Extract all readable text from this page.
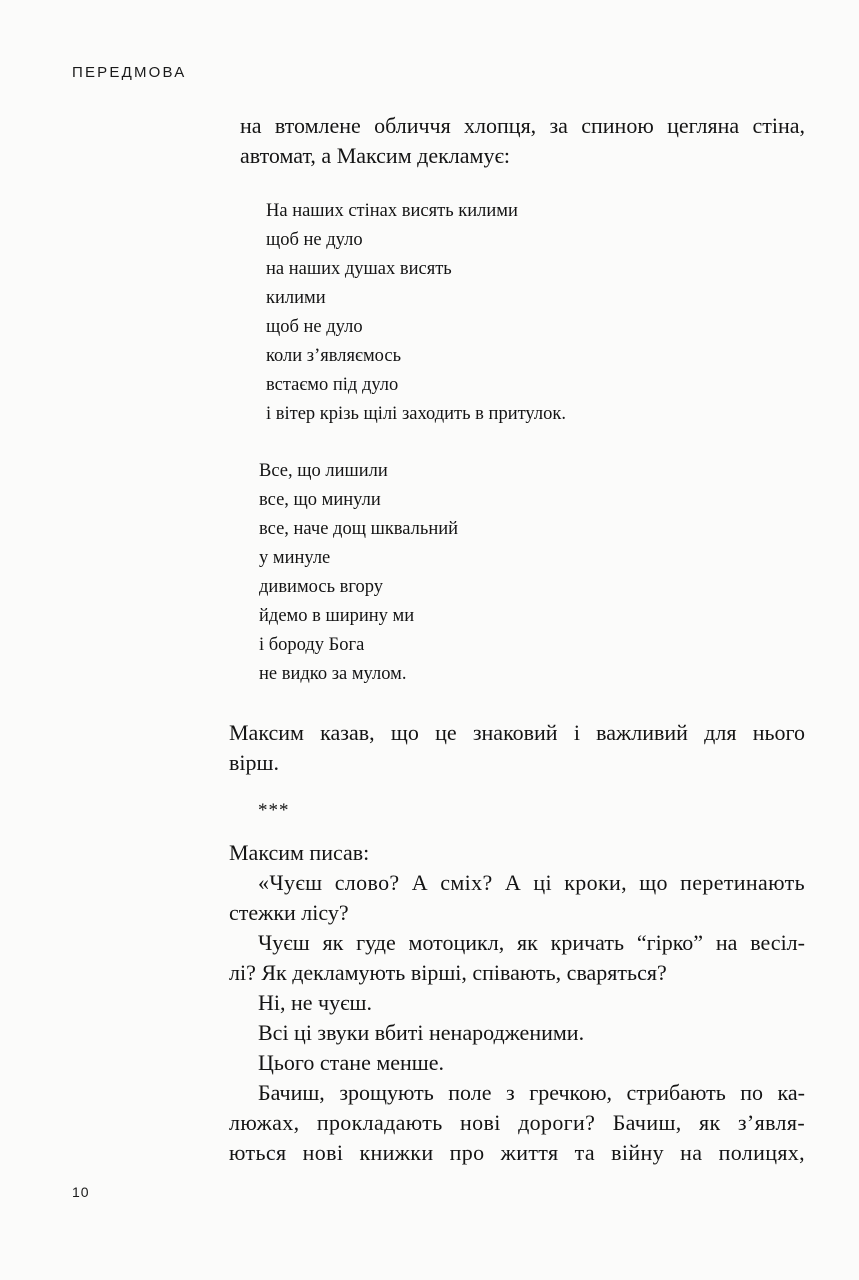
ПЕРЕДМОВА

на втомлене обличчя хлопця, за спиною цегляна стіна,

автомат, а Максим декламує:

На наших стінах висять килими
щоб не дуло
на наших душах висять
килими
щоб не дуло
коли з’являємось
встаємо під дуло
і вітер крізь щілі заходить в притулок.
Все, що лишили
все, що минули
все, наче дощ шквальний
у минуле
дивимось вгору
йдемо в ширину ми
і бороду Бога
не видко за мулом.

Максим казав, що це знаковий і важливий для нього

вірш.

***

Максим писав:

«Чуєш слово? А сміх? А ці кроки, що перетинають

стежки лісу?

Чуєш як гуде мотоцикл, як кричать “гірко” на весіл-

лі? Як декламують вірші, співають, сваряться?

Ні, не чуєш.

Всі ці звуки вбиті ненародженими.

Цього стане менше.

Бачиш, зрощують поле з гречкою, стрибають по ка-

люжах, прокладають нові дороги? Бачиш, як з’явля-

ються нові книжки про життя та війну на полицях,

10
